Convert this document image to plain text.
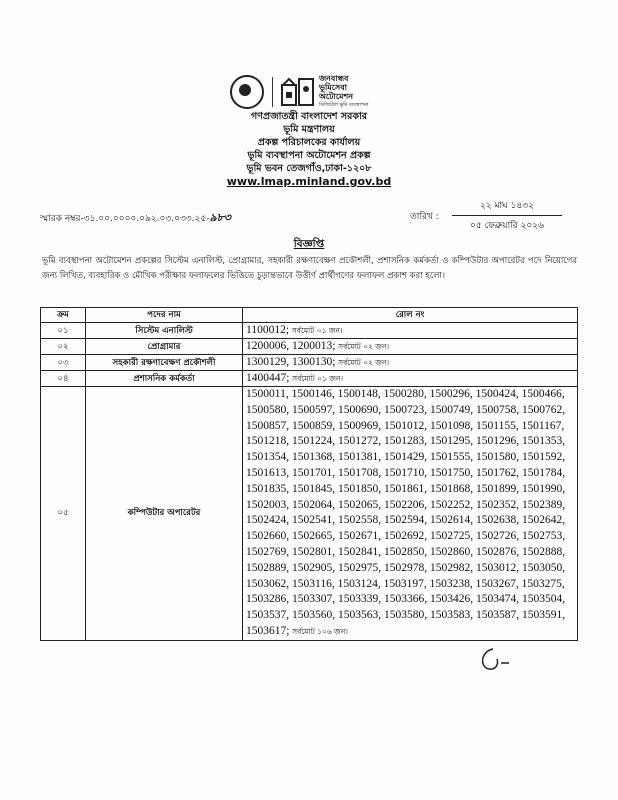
জনবান্ধব
ভূমিসেবা
অটোমেশন
ডিজিটাল ভূমি ব্যবস্থাপনা
গণপ্রজাতন্ত্রী বাংলাদেশ সরকার
ভূমি মন্ত্রণালয়
প্রকল্প পরিচালকের কার্যালয়
ভূমি ব্যবস্থাপনা অটোমেশন প্রকল্প
ভূমি ভবন তেজগাঁও,ঢাকা-১২০৮
www.lmap.minland.gov.bd
স্মারক নম্বর-৩১.০০.০০০০.০৯২.০৩.০৩৩.২৫-৯৮৩	তারিখ :
২২ মাঘ ১৪৩২
০৫ ফেব্রুয়ারি ২০২৬
বিজ্ঞপ্তি
ভূমি ব্যবস্থাপনা অটোমেশন প্রকল্পের সিস্টেম এনালিস্ট, প্রোগ্রামার, সহকারী রক্ষণাবেক্ষণ প্রকৌশলী, প্রশাসনিক কর্মকর্তা ও কম্পিউটার অপারেটর পদে নিয়োগের জন্য লিখিত, ব্যবহারিক ও মৌখিক পরীক্ষার ফলাফলের ভিত্তিতে চূড়ান্তভাবে উত্তীর্ণ প্রার্থীগণের ফলাফল প্রকাশ করা হলো।
ক্রম	পদের নাম	রোল নং
০১	সিস্টেম এনালিস্ট	1100012; সর্বমোট ০১ জন।
০২	প্রোগ্রামার	1200006, 1200013; সর্বমোট ০২ জন।
০৩	সহকারী রক্ষণাবেক্ষণ প্রকৌশলী	1300129, 1300130; সর্বমোট ০২ জন।
০৪	প্রশাসনিক কর্মকর্তা	1400447; সর্বমোট ০১ জন।
০৫	কম্পিউটার অপারেটর	1500011, 1500146, 1500148, 1500280, 1500296, 1500424, 1500466, 1500580, 1500597, 1500690, 1500723, 1500749, 1500758, 1500762, 1500857, 1500859, 1500969, 1501012, 1501098, 1501155, 1501167, 1501218, 1501224, 1501272, 1501283, 1501295, 1501296, 1501353, 1501354, 1501368, 1501381, 1501429, 1501555, 1501580, 1501592, 1501613, 1501701, 1501708, 1501710, 1501750, 1501762, 1501784, 1501835, 1501845, 1501850, 1501861, 1501868, 1501899, 1501990, 1502003, 1502064, 1502065, 1502206, 1502252, 1502352, 1502389, 1502424, 1502541, 1502558, 1502594, 1502614, 1502638, 1502642, 1502660, 1502665, 1502671, 1502692, 1502725, 1502726, 1502753, 1502769, 1502801, 1502841, 1502850, 1502860, 1502876, 1502888, 1502889, 1502905, 1502975, 1502978, 1502982, 1503012, 1503050, 1503062, 1503116, 1503124, 1503197, 1503238, 1503267, 1503275, 1503286, 1503307, 1503339, 1503366, 1503426, 1503474, 1503504, 1503537, 1503560, 1503563, 1503580, 1503583, 1503587, 1503591, 1503617; সর্বমোট ১০৬ জন।
